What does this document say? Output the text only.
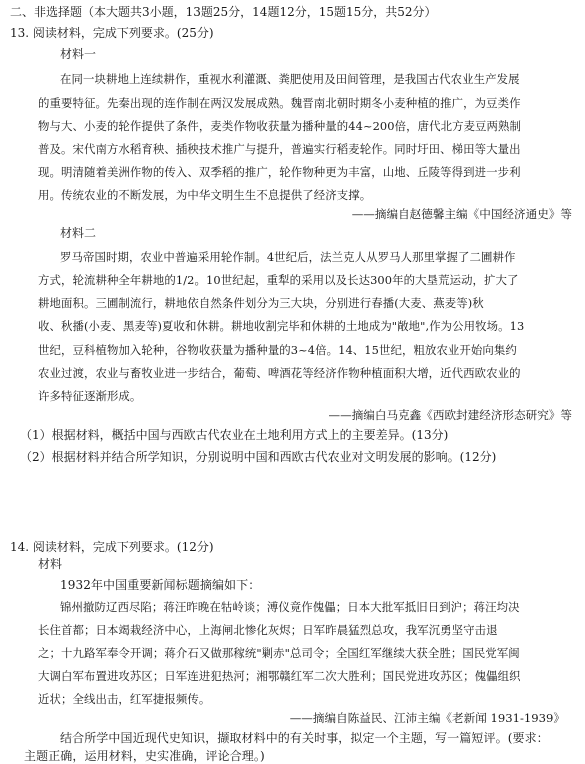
二、非选择题（本大题共3小题，13题25分，14题12分，15题15分，共52分）
13. 阅读材料，完成下列要求。(25分)
材料一
在同一块耕地上连续耕作，重视水利灌溉、粪肥使用及田间管理，是我国古代农业生产发展
的重要特征。先秦出现的连作制在两汉发展成熟。魏晋南北朝时期冬小麦种植的推广，为豆类作
物与大、小麦的轮作提供了条件，麦类作物收获量为播种量的44~200倍，唐代北方麦豆两熟制
普及。宋代南方水稻育秧、插秧技术推广与提升，普遍实行稻麦轮作。同时圩田、梯田等大量出
现。明清随着美洲作物的传入、双季稻的推广，轮作物种更为丰富，山地、丘陵等得到进一步利
用。传统农业的不断发展，为中华文明生生不息提供了经济支撑。
——摘编自赵德馨主编《中国经济通史》等
材料二
罗马帝国时期，农业中普遍采用轮作制。4世纪后，法兰克人从罗马人那里掌握了二圃耕作
方式，轮流耕种全年耕地的1/2。10世纪起，重犁的采用以及长达300年的大垦荒运动，扩大了
耕地面积。三圃制流行，耕地依自然条件划分为三大块，分别进行春播(大麦、燕麦等)秋
收、秋播(小麦、黑麦等)夏收和休耕。耕地收割完毕和休耕的土地成为"敞地",作为公用牧场。13
世纪，豆科植物加入轮种，谷物收获量为播种量的3~4倍。14、15世纪，粗放农业开始向集约
农业过渡，农业与畜牧业进一步结合，葡萄、啤酒花等经济作物种植面积大增，近代西欧农业的
许多特征逐渐形成。
——摘编白马克鑫《西欧封建经济形态研究》等
（1）根据材料，概括中国与西欧古代农业在土地利用方式上的主要差异。(13分)
（2）根据材料并结合所学知识，分别说明中国和西欧古代农业对文明发展的影响。(12分)
14. 阅读材料，完成下列要求。(12分)
材料
1932年中国重要新闻标题摘编如下：
锦州撤防辽西尽陷；蒋汪昨晚在牯岭谈；溥仪竟作傀儡；日本大批军抵旧日到沪；蒋汪均决
长住首都；日本竭栽经济中心，上海闸北惨化灰烬；日军昨晨猛烈总攻，我军沉勇坚守击退
之；十九路军奉令开调；蒋介石又做那稼统"剿赤"总司令；全国红军继续大获全胜；国民党军闽
大调白军布置进攻苏区；日军连进犯热河；湘鄂赣红军二次大胜利；国民党进攻苏区；傀儡组织
近状；全线出击，红军捷报频传。
——摘编自陈益民、江沛主编《老新闻 1931-1939》
结合所学中国近现代史知识，撷取材料中的有关时事，拟定一个主题，写一篇短评。(要求：
主题正确，运用材料，史实准确，评论合理。)
